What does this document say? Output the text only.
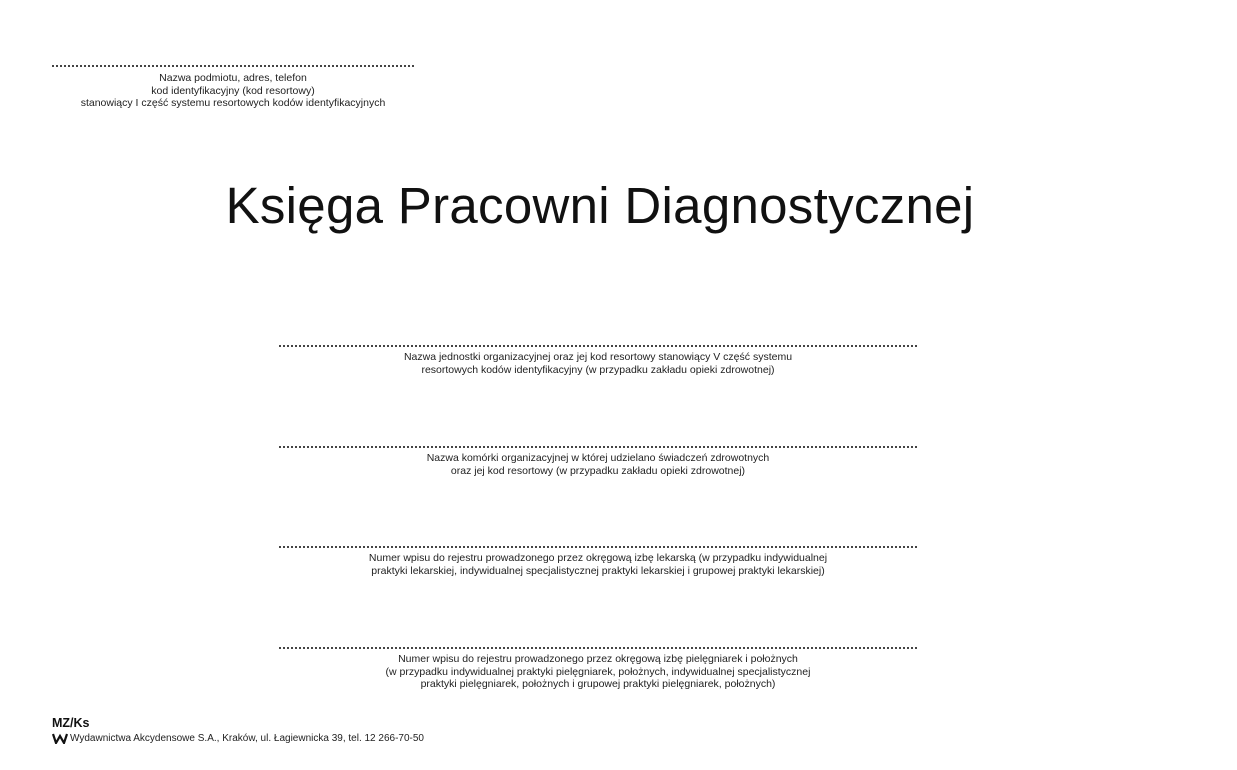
Nazwa podmiotu, adres, telefon
kod identyfikacyjny (kod resortowy)
stanowiący I część systemu resortowych kodów identyfikacyjnych
Księga Pracowni Diagnostycznej
Nazwa jednostki organizacyjnej oraz jej kod resortowy stanowiący V część systemu
resortowych kodów identyfikacyjny (w przypadku zakładu opieki zdrowotnej)
Nazwa komórki organizacyjnej w której udzielano świadczeń zdrowotnych
oraz jej kod resortowy (w przypadku zakładu opieki zdrowotnej)
Numer wpisu do rejestru prowadzonego przez okręgową izbę lekarską (w przypadku indywidualnej
praktyki lekarskiej, indywidualnej specjalistycznej praktyki lekarskiej i grupowej praktyki lekarskiej)
Numer wpisu do rejestru prowadzonego przez okręgową izbę pielęgniarek i położnych
(w przypadku indywidualnej praktyki pielęgniarek, położnych, indywidualnej specjalistycznej
praktyki pielęgniarek, położnych i grupowej praktyki pielęgniarek, położnych)
MZ/Ks
Wydawnictwa Akcydensowe S.A., Kraków, ul. Łagiewnicka 39, tel. 12 266-70-50
